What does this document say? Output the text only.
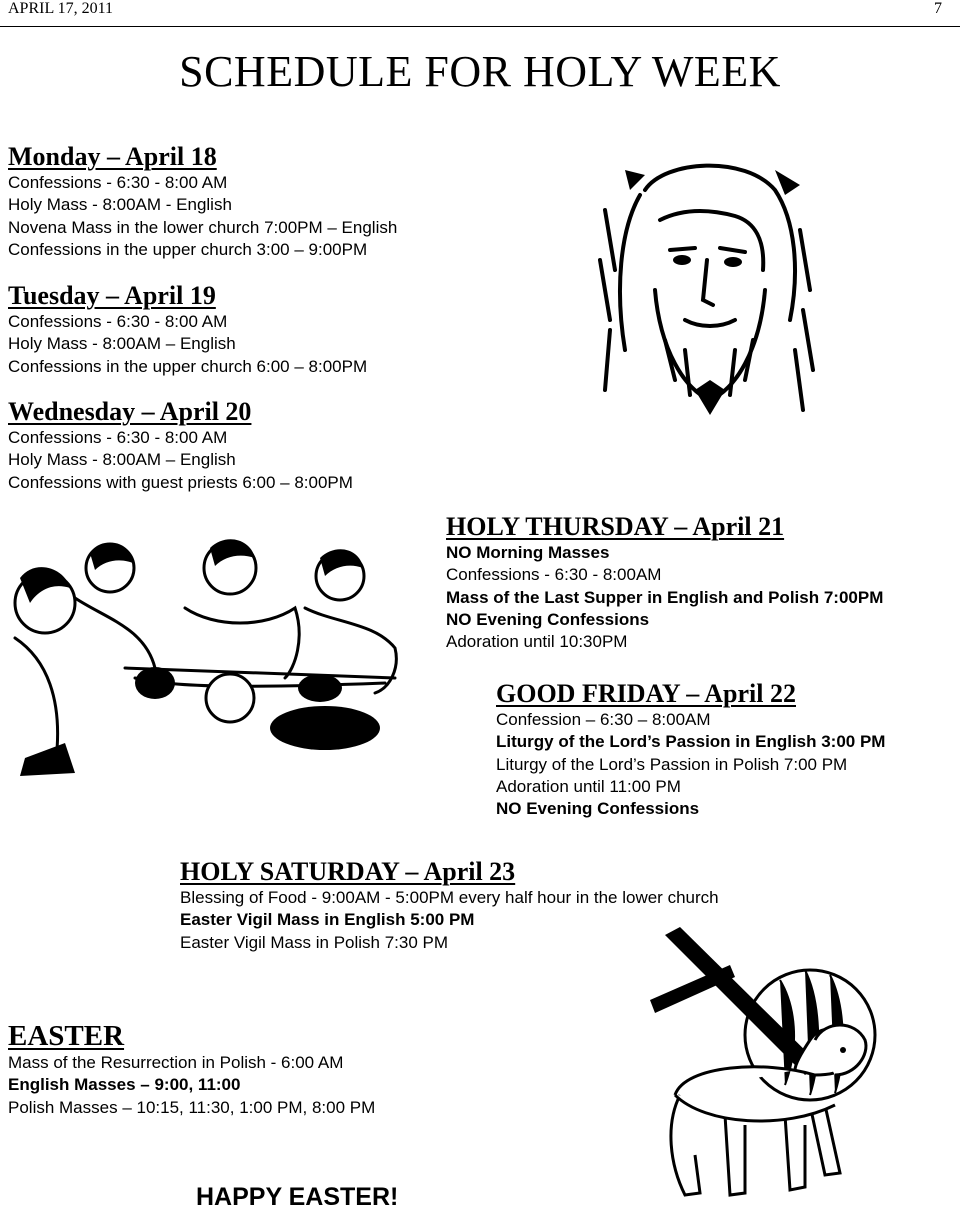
APRIL 17, 2011	7
SCHEDULE FOR HOLY WEEK
Monday – April 18
Confessions - 6:30 - 8:00 AM
Holy Mass - 8:00AM - English
Novena Mass in the lower church 7:00PM – English
Confessions in the upper church 3:00 – 9:00PM
Tuesday – April 19
Confessions - 6:30 - 8:00 AM
Holy Mass - 8:00AM – English
Confessions in the upper church 6:00 – 8:00PM
Wednesday – April 20
Confessions - 6:30 - 8:00 AM
Holy Mass - 8:00AM – English
Confessions with guest priests 6:00 – 8:00PM
HOLY THURSDAY – April 21
NO Morning Masses
Confessions - 6:30 - 8:00AM
Mass of the Last Supper in English and Polish 7:00PM
NO Evening Confessions
Adoration until 10:30PM
GOOD FRIDAY – April 22
Confession – 6:30 – 8:00AM
Liturgy of the Lord’s Passion in English 3:00 PM
Liturgy of the Lord’s Passion in Polish 7:00 PM
Adoration until 11:00 PM
NO Evening Confessions
HOLY SATURDAY – April 23
Blessing of Food - 9:00AM - 5:00PM every half hour in the lower church
Easter Vigil Mass in English 5:00 PM
Easter Vigil Mass in Polish 7:30 PM
EASTER
Mass of the Resurrection in Polish - 6:00 AM
English Masses – 9:00, 11:00
Polish Masses – 10:15, 11:30, 1:00 PM, 8:00 PM
HAPPY EASTER!
